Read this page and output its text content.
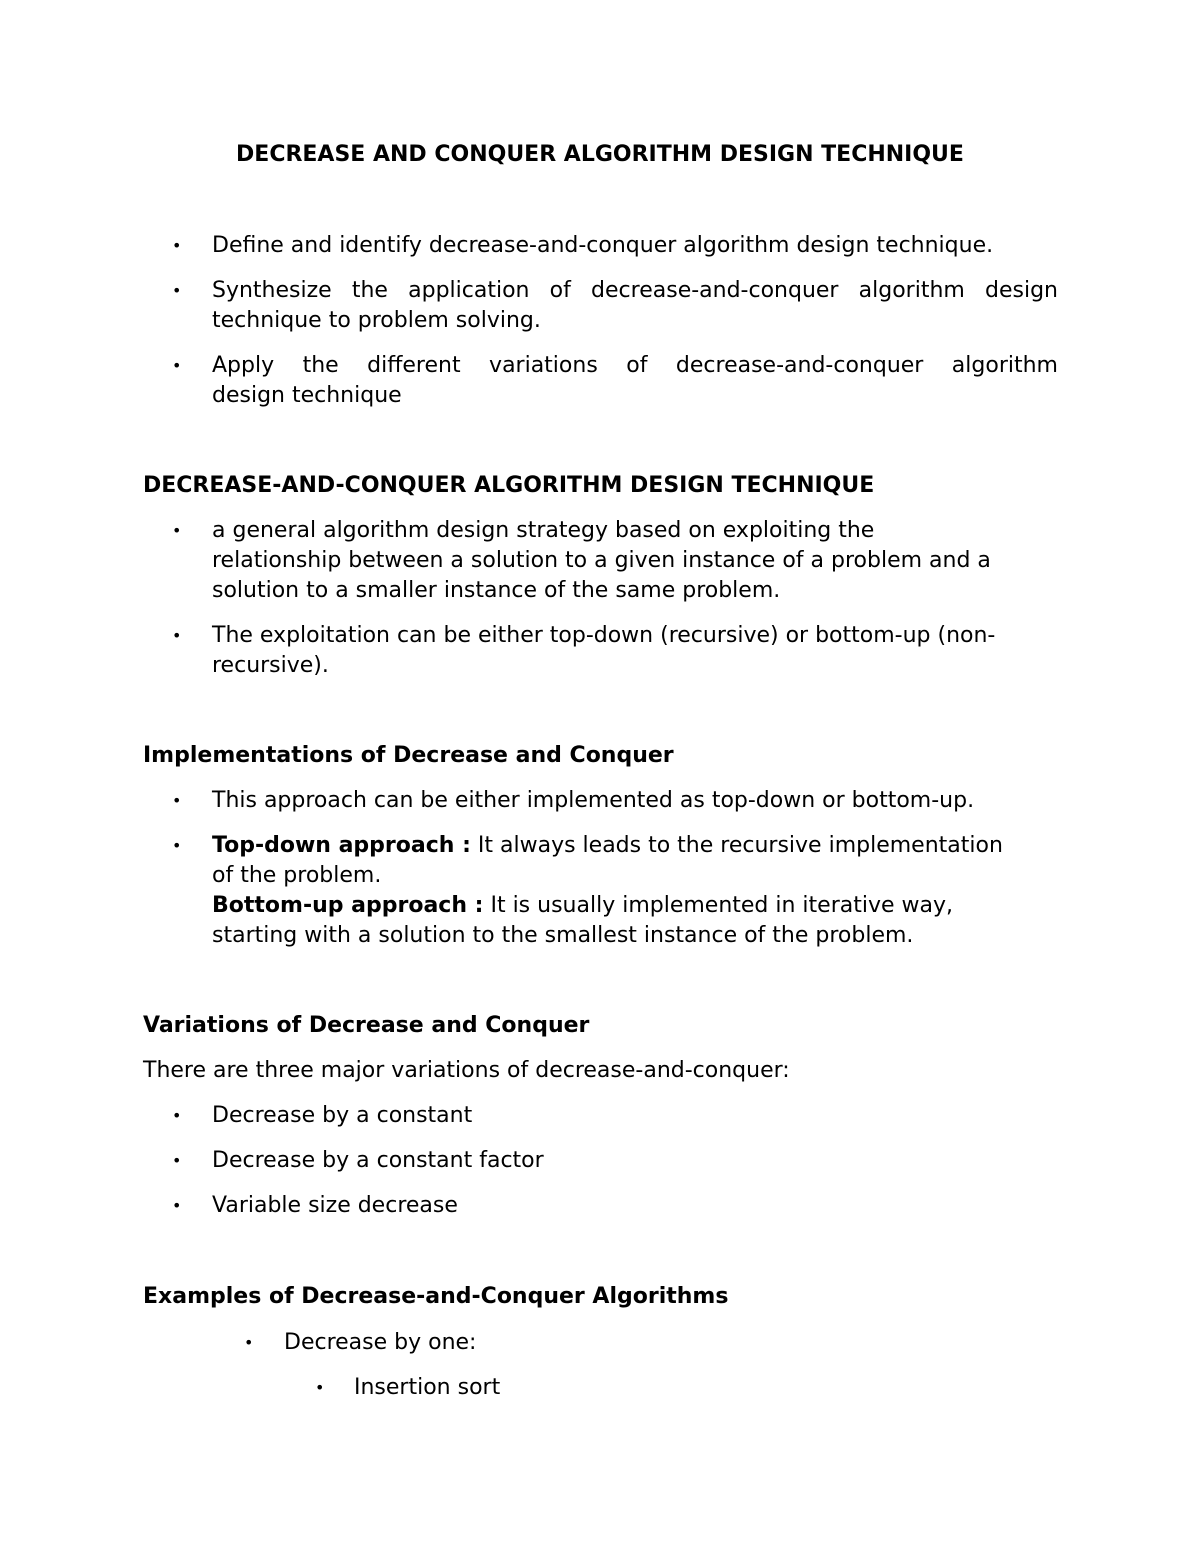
DECREASE AND CONQUER ALGORITHM DESIGN TECHNIQUE
• Define and identify decrease-and-conquer algorithm design technique.
• Synthesize the application of decrease-and-conquer algorithm design
technique to problem solving.
• Apply the different variations of decrease-and-conquer algorithm
design technique
DECREASE-AND-CONQUER ALGORITHM DESIGN TECHNIQUE
• a general algorithm design strategy based on exploiting the
relationship between a solution to a given instance of a problem and a
solution to a smaller instance of the same problem.
• The exploitation can be either top-down (recursive) or bottom-up (non-
recursive).
Implementations of Decrease and Conquer
• This approach can be either implemented as top-down or bottom-up.
• Top-down approach : It always leads to the recursive implementation
of the problem.
Bottom-up approach : It is usually implemented in iterative way,
starting with a solution to the smallest instance of the problem.
Variations of Decrease and Conquer
There are three major variations of decrease-and-conquer:
• Decrease by a constant
• Decrease by a constant factor
• Variable size decrease
Examples of Decrease-and-Conquer Algorithms
• Decrease by one:
• Insertion sort
